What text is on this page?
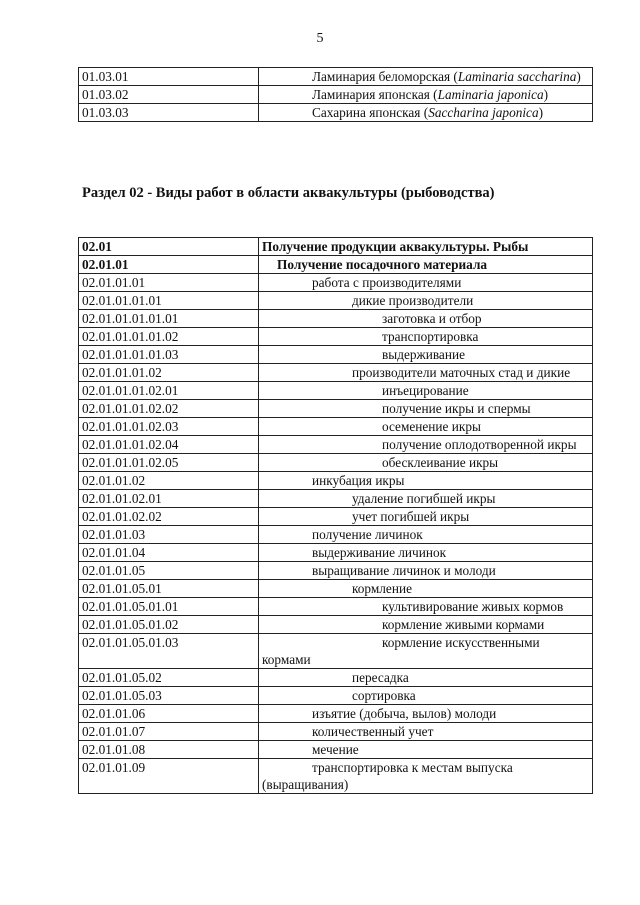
5
01.03.01	Ламинария беломорская (Laminaria saccharina)
01.03.02	Ламинария японская (Laminaria japonica)
01.03.03	Сахарина японская (Saccharina japonica)
Раздел 02 - Виды работ в области аквакультуры (рыбоводства)
02.01	Получение продукции аквакультуры. Рыбы
02.01.01	Получение посадочного материала
02.01.01.01	работа с производителями
02.01.01.01.01	дикие производители
02.01.01.01.01.01	заготовка и отбор
02.01.01.01.01.02	транспортировка
02.01.01.01.01.03	выдерживание
02.01.01.01.02	производители маточных стад и дикие
02.01.01.01.02.01	инъецирование
02.01.01.01.02.02	получение икры и спермы
02.01.01.01.02.03	осеменение икры
02.01.01.01.02.04	получение оплодотворенной икры
02.01.01.01.02.05	обесклеивание икры
02.01.01.02	инкубация икры
02.01.01.02.01	удаление погибшей икры
02.01.01.02.02	учет погибшей икры
02.01.01.03	получение личинок
02.01.01.04	выдерживание личинок
02.01.01.05	выращивание личинок и молоди
02.01.01.05.01	кормление
02.01.01.05.01.01	культивирование живых кормов
02.01.01.05.01.02	кормление живыми кормами
02.01.01.05.01.03	кормление искусственными кормами
02.01.01.05.02	пересадка
02.01.01.05.03	сортировка
02.01.01.06	изъятие (добыча, вылов) молоди
02.01.01.07	количественный учет
02.01.01.08	мечение
02.01.01.09	транспортировка к местам выпуска (выращивания)
